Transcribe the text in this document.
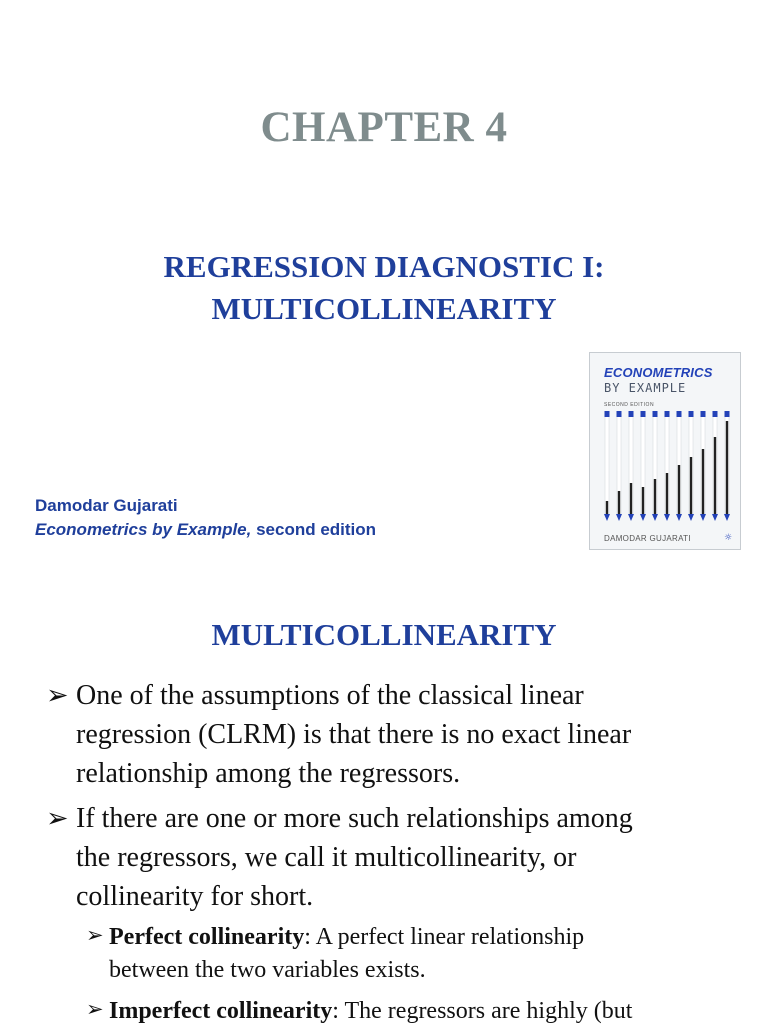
CHAPTER 4
REGRESSION DIAGNOSTIC I:
MULTICOLLINEARITY
Damodar Gujarati
Econometrics by Example, second edition
ECONOMETRICS
BY EXAMPLE
SECOND EDITION
DAMODAR GUJARATI	☼
MULTICOLLINEARITY
➢ One of the assumptions of the classical linear
regression (CLRM) is that there is no exact linear
relationship among the regressors.
➢ If there are one or more such relationships among
the regressors, we call it multicollinearity, or
collinearity for short.
➢ Perfect collinearity: A perfect linear relationship
between the two variables exists.
➢ Imperfect collinearity: The regressors are highly (but
